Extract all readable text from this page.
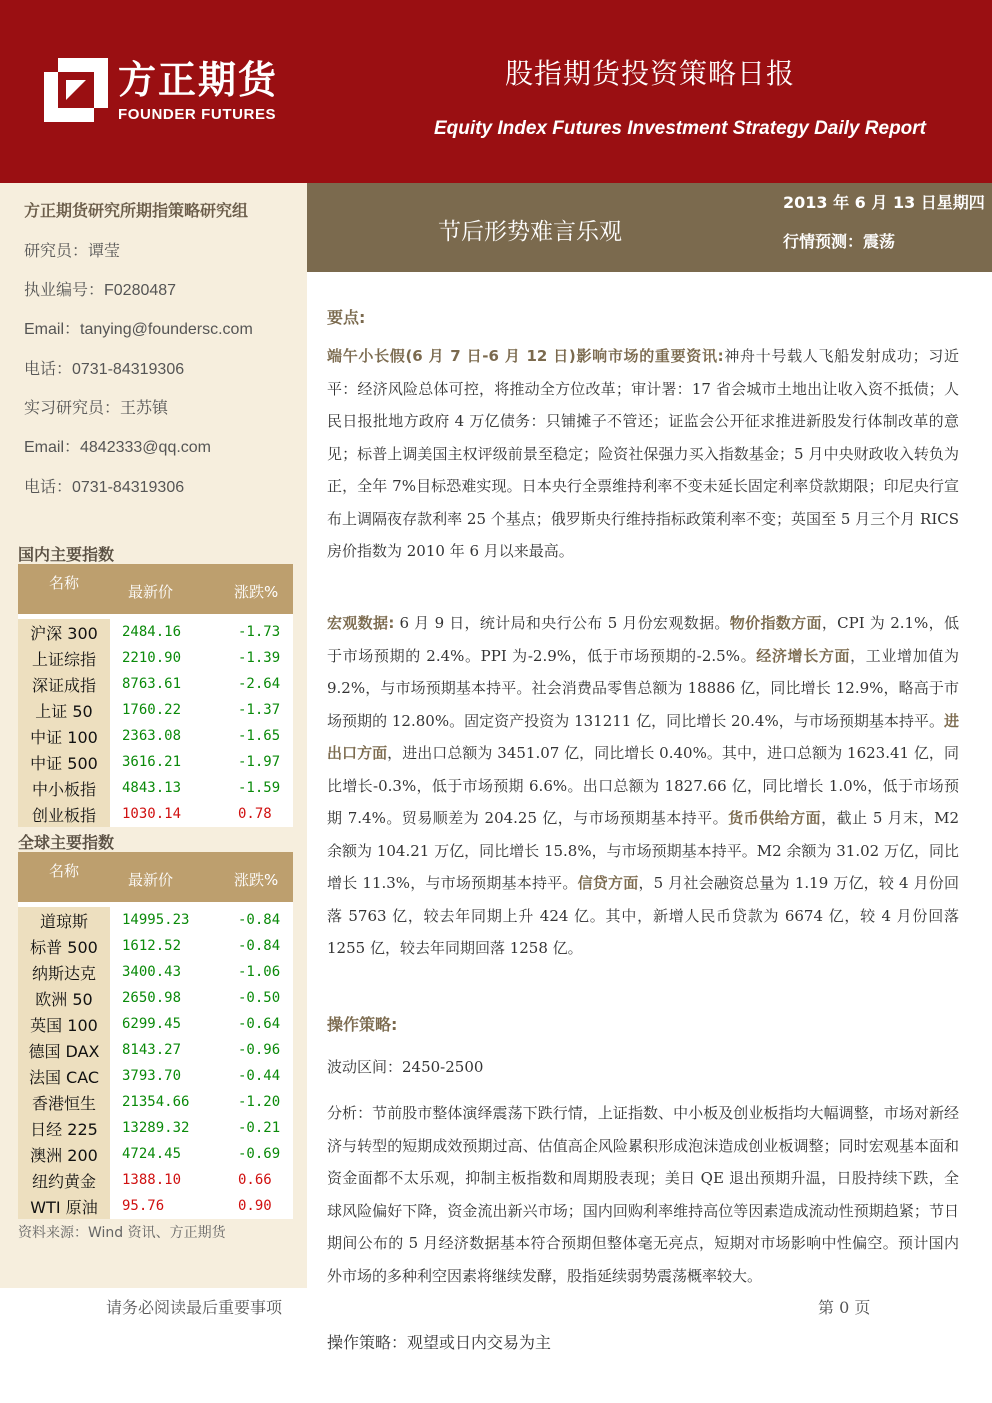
方正期货
FOUNDER FUTURES
股指期货投资策略日报
Equity Index Futures Investment Strategy Daily Report
方正期货研究所期指策略研究组
研究员：谭莹
执业编号：F0280487
Email：tanying@foundersc.com
电话：0731-84319306
实习研究员：王苏镇
Email：4842333@qq.com
电话：0731-84319306
国内主要指数
名称	最新价	涨跌%

沪深 300	2484.16	-1.73
上证综指	2210.90	-1.39
深证成指	8763.61	-2.64
上证 50	1760.22	-1.37
中证 100	2363.08	-1.65
中证 500	3616.21	-1.97
中小板指	4843.13	-1.59
创业板指	1030.14	0.78
全球主要指数
名称	最新价	涨跌%

道琼斯	14995.23	-0.84
标普 500	1612.52	-0.84
纳斯达克	3400.43	-1.06
欧洲 50	2650.98	-0.50
英国 100	6299.45	-0.64
德国 DAX	8143.27	-0.96
法国 CAC	3793.70	-0.44
香港恒生	21354.66	-1.20
日经 225	13289.32	-0.21
澳洲 200	4724.45	-0.69
纽约黄金	1388.10	0.66
WTI 原油	95.76	0.90
资料来源：Wind 资讯、方正期货
节后形势难言乐观
2013 年 6 月 13 日星期四
行情预测：震荡
要点:
端午小长假(6 月 7 日-6 月 12 日)影响市场的重要资讯:神舟十号载人飞船发射成功；习近平：经济风险总体可控，将推动全方位改革；审计署：17 省会城市土地出让收入资不抵债；人民日报批地方政府 4 万亿债务：只铺摊子不管还；证监会公开征求推进新股发行体制改革的意见；标普上调美国主权评级前景至稳定；险资社保强力买入指数基金；5 月中央财政收入转负为正，全年 7%目标恐难实现。日本央行全票维持利率不变未延长固定利率贷款期限；印尼央行宣布上调隔夜存款利率 25 个基点；俄罗斯央行维持指标政策利率不变；英国至 5 月三个月 RICS 房价指数为 2010 年 6 月以来最高。
宏观数据: 6 月 9 日，统计局和央行公布 5 月份宏观数据。物价指数方面，CPI 为 2.1%，低于市场预期的 2.4%。PPI 为-2.9%，低于市场预期的-2.5%。经济增长方面，工业增加值为 9.2%，与市场预期基本持平。社会消费品零售总额为 18886 亿，同比增长 12.9%，略高于市场预期的 12.80%。固定资产投资为 131211 亿，同比增长 20.4%，与市场预期基本持平。进出口方面，进出口总额为 3451.07 亿，同比增长 0.40%。其中，进口总额为 1623.41 亿，同比增长-0.3%，低于市场预期 6.6%。出口总额为 1827.66 亿，同比增长 1.0%，低于市场预期 7.4%。贸易顺差为 204.25 亿，与市场预期基本持平。货币供给方面，截止 5 月末，M2 余额为 104.21 万亿，同比增长 15.8%，与市场预期基本持平。M2 余额为 31.02 万亿，同比增长 11.3%，与市场预期基本持平。信贷方面，5 月社会融资总量为 1.19 万亿，较 4 月份回落 5763 亿，较去年同期上升 424 亿。其中，新增人民币贷款为 6674 亿，较 4 月份回落 1255 亿，较去年同期回落 1258 亿。
操作策略:
波动区间：2450-2500
分析：节前股市整体演绎震荡下跌行情，上证指数、中小板及创业板指均大幅调整，市场对新经济与转型的短期成效预期过高、估值高企风险累积形成泡沫造成创业板调整；同时宏观基本面和资金面都不太乐观，抑制主板指数和周期股表现；美日 QE 退出预期升温，日股持续下跌，全球风险偏好下降，资金流出新兴市场；国内回购利率维持高位等因素造成流动性预期趋紧；节日期间公布的 5 月经济数据基本符合预期但整体毫无亮点，短期对市场影响中性偏空。预计国内外市场的多种利空因素将继续发酵，股指延续弱势震荡概率较大。
请务必阅读最后重要事项	第 0 页
操作策略：观望或日内交易为主
